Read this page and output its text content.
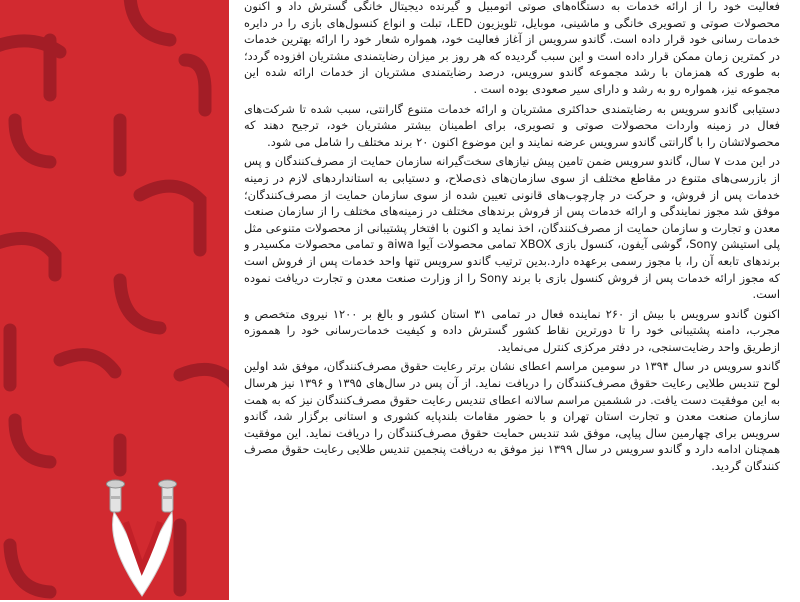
فعالیت خود را از ارائه خدمات به دستگاه‌های صوتی اتومبیل و گیرنده دیجیتال خانگی گسترش داد و اکنون محصولات صوتی و تصویری خانگی و ماشینی، موبایل، تلویزیون LED، تبلت و انواع کنسول‌های بازی را در دایره خدمات رسانی خود قرار داده است. گاندو سرویس از آغاز فعالیت خود، همواره شعار خود را ارائه بهترین خدمات در کمترین زمان ممکن قرار داده است و این سبب گردیده که هر روز بر میزان رضایتمندی مشتریان افزوده گردد؛ به طوری که همزمان با رشد مجموعه گاندو سرویس، درصد رضایتمندی مشتریان از خدمات ارائه شده این مجموعه نیز، همواره رو به رشد و دارای سیر صعودی بوده است .

دستیابی گاندو سرویس به رضایتمندی حداکثری مشتریان و ارائه خدمات متنوع گارانتی، سبب شده تا شرکت‌های فعال در زمینه واردات محصولات صوتی و تصویری، برای اطمینان بیشتر مشتریان خود، ترجیح دهند که محصولاتشان را با گارانتی گاندو سرویس عرضه نمایند و این موضوع اکنون ۲۰ برند مختلف را شامل می شود.

در این مدت ۷ سال، گاندو سرویس ضمن تامین پیش نیازهای سخت‌گیرانه سازمان حمایت از مصرف‌کنندگان و پس از بازرسی‌های متنوع در مقاطع مختلف از سوی سازمان‌های ذی‌صلاح، و دستیابی به استانداردهای لازم در زمینه خدمات پس از فروش، و حرکت در چارچوب‌های قانونی تعیین شده از سوی سازمان حمایت از مصرف‌کنندگان؛ موفق شد مجوز نمایندگی و ارائه خدمات پس از فروش برندهای مختلف در زمینه‌های مختلف را از سازمان صنعت معدن و تجارت و سازمان حمایت از مصرف‌کنندگان، اخذ نماید و اکنون با افتخار پشتیبانی از محصولات متنوعی مثل پلی استیشن Sony، گوشی آیفون، کنسول بازی XBOX تمامی محصولات آیوا aiwa و تمامی محصولات مکسیدر و برندهای تابعه آن را، با مجوز رسمی برعهده دارد.بدین ترتیب گاندو سرویس تنها واحد خدمات پس از فروش است که مجوز ارائه خدمات پس از فروش کنسول بازی با برند Sony را از وزارت صنعت معدن و تجارت دریافت نموده است.

اکنون گاندو سرویس با بیش از ۲۶۰ نماینده فعال در تمامی ۳۱ استان کشور و بالغ بر ۱۲۰۰ نیروی متخصص و مجرب، دامنه پشتیبانی خود را تا دورترین نقاط کشور گسترش داده و کیفیت خدمات‌رسانی خود را همموزه ازطریق واحد رضایت‌سنجی، در دفتر مرکزی کنترل می‌نماید.

گاندو سرویس در سال ۱۳۹۴ در سومین مراسم اعطای نشان برتر رعایت حقوق مصرف‌کنندگان، موفق شد اولین لوح تندیس طلایی رعایت حقوق مصرف‌کنندگان را دریافت نماید. از آن پس در سال‌های ۱۳۹۵ و ۱۳۹۶ نیز هرسال به این موفقیت دست یافت. در ششمین مراسم سالانه اعطای تندیس رعایت حقوق مصرف‌کنندگان نیز که به همت سازمان صنعت معدن و تجارت استان تهران و با حضور مقامات بلندپایه کشوری و استانی برگزار شد، گاندو سرویس برای چهارمین سال پیاپی، موفق شد تندیس حمایت حقوق مصرف‌کنندگان را دریافت نماید. این موفقیت همچنان ادامه دارد و گاندو سرویس در سال ۱۳۹۹ نیز موفق به دریافت پنجمین تندیس طلایی رعایت حقوق مصرف کنندگان گردید.
